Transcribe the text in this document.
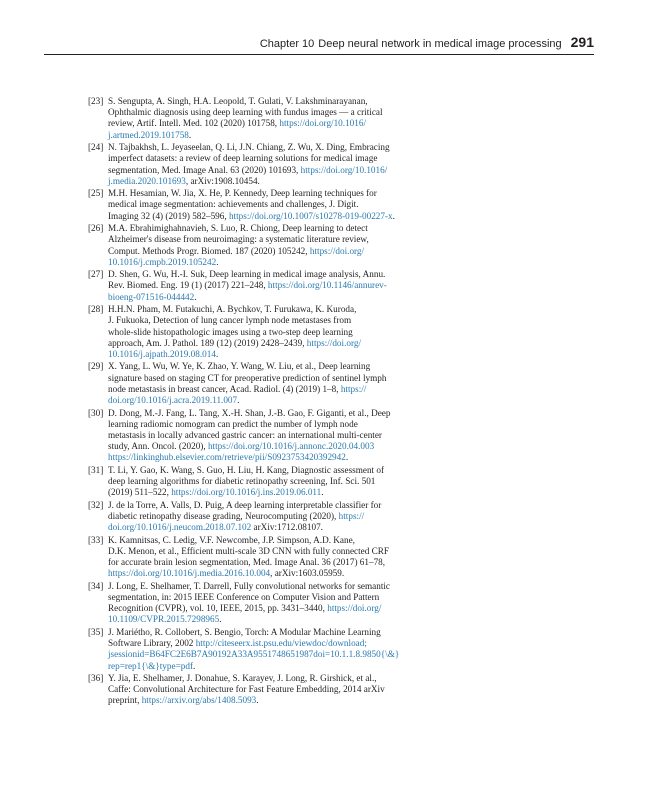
Chapter 10 Deep neural network in medical image processing 291
[23] S. Sengupta, A. Singh, H.A. Leopold, T. Gulati, V. Lakshminarayanan,
Ophthalmic diagnosis using deep learning with fundus images — a critical
review, Artif. Intell. Med. 102 (2020) 101758, https://doi.org/10.1016/
j.artmed.2019.101758.
[24] N. Tajbakhsh, L. Jeyaseelan, Q. Li, J.N. Chiang, Z. Wu, X. Ding, Embracing
imperfect datasets: a review of deep learning solutions for medical image
segmentation, Med. Image Anal. 63 (2020) 101693, https://doi.org/10.1016/
j.media.2020.101693, arXiv:1908.10454.
[25] M.H. Hesamian, W. Jia, X. He, P. Kennedy, Deep learning techniques for
medical image segmentation: achievements and challenges, J. Digit.
Imaging 32 (4) (2019) 582–596, https://doi.org/10.1007/s10278-019-00227-x.
[26] M.A. Ebrahimighahnavieh, S. Luo, R. Chiong, Deep learning to detect
Alzheimer's disease from neuroimaging: a systematic literature review,
Comput. Methods Progr. Biomed. 187 (2020) 105242, https://doi.org/
10.1016/j.cmpb.2019.105242.
[27] D. Shen, G. Wu, H.-I. Suk, Deep learning in medical image analysis, Annu.
Rev. Biomed. Eng. 19 (1) (2017) 221–248, https://doi.org/10.1146/annurev-
bioeng-071516-044442.
[28] H.H.N. Pham, M. Futakuchi, A. Bychkov, T. Furukawa, K. Kuroda,
J. Fukuoka, Detection of lung cancer lymph node metastases from
whole-slide histopathologic images using a two-step deep learning
approach, Am. J. Pathol. 189 (12) (2019) 2428–2439, https://doi.org/
10.1016/j.ajpath.2019.08.014.
[29] X. Yang, L. Wu, W. Ye, K. Zhao, Y. Wang, W. Liu, et al., Deep learning
signature based on staging CT for preoperative prediction of sentinel lymph
node metastasis in breast cancer, Acad. Radiol. (4) (2019) 1–8, https://
doi.org/10.1016/j.acra.2019.11.007.
[30] D. Dong, M.-J. Fang, L. Tang, X.-H. Shan, J.-B. Gao, F. Giganti, et al., Deep
learning radiomic nomogram can predict the number of lymph node
metastasis in locally advanced gastric cancer: an international multi-center
study, Ann. Oncol. (2020), https://doi.org/10.1016/j.annonc.2020.04.003
https://linkinghub.elsevier.com/retrieve/pii/S0923753420392942.
[31] T. Li, Y. Gao, K. Wang, S. Guo, H. Liu, H. Kang, Diagnostic assessment of
deep learning algorithms for diabetic retinopathy screening, Inf. Sci. 501
(2019) 511–522, https://doi.org/10.1016/j.ins.2019.06.011.
[32] J. de la Torre, A. Valls, D. Puig, A deep learning interpretable classifier for
diabetic retinopathy disease grading, Neurocomputing (2020), https://
doi.org/10.1016/j.neucom.2018.07.102 arXiv:1712.08107.
[33] K. Kamnitsas, C. Ledig, V.F. Newcombe, J.P. Simpson, A.D. Kane,
D.K. Menon, et al., Efficient multi-scale 3D CNN with fully connected CRF
for accurate brain lesion segmentation, Med. Image Anal. 36 (2017) 61–78,
https://doi.org/10.1016/j.media.2016.10.004, arXiv:1603.05959.
[34] J. Long, E. Shelhamer, T. Darrell, Fully convolutional networks for semantic
segmentation, in: 2015 IEEE Conference on Computer Vision and Pattern
Recognition (CVPR), vol. 10, IEEE, 2015, pp. 3431–3440, https://doi.org/
10.1109/CVPR.2015.7298965.
[35] J. Mariétho, R. Collobert, S. Bengio, Torch: A Modular Machine Learning
Software Library, 2002 http://citeseerx.ist.psu.edu/viewdoc/download;
jsessionid=B64FC2E6B7A90192A33A9551748651987doi=10.1.1.8.9850{\&}
rep=rep1{\&}type=pdf.
[36] Y. Jia, E. Shelhamer, J. Donahue, S. Karayev, J. Long, R. Girshick, et al.,
Caffe: Convolutional Architecture for Fast Feature Embedding, 2014 arXiv
preprint, https://arxiv.org/abs/1408.5093.
